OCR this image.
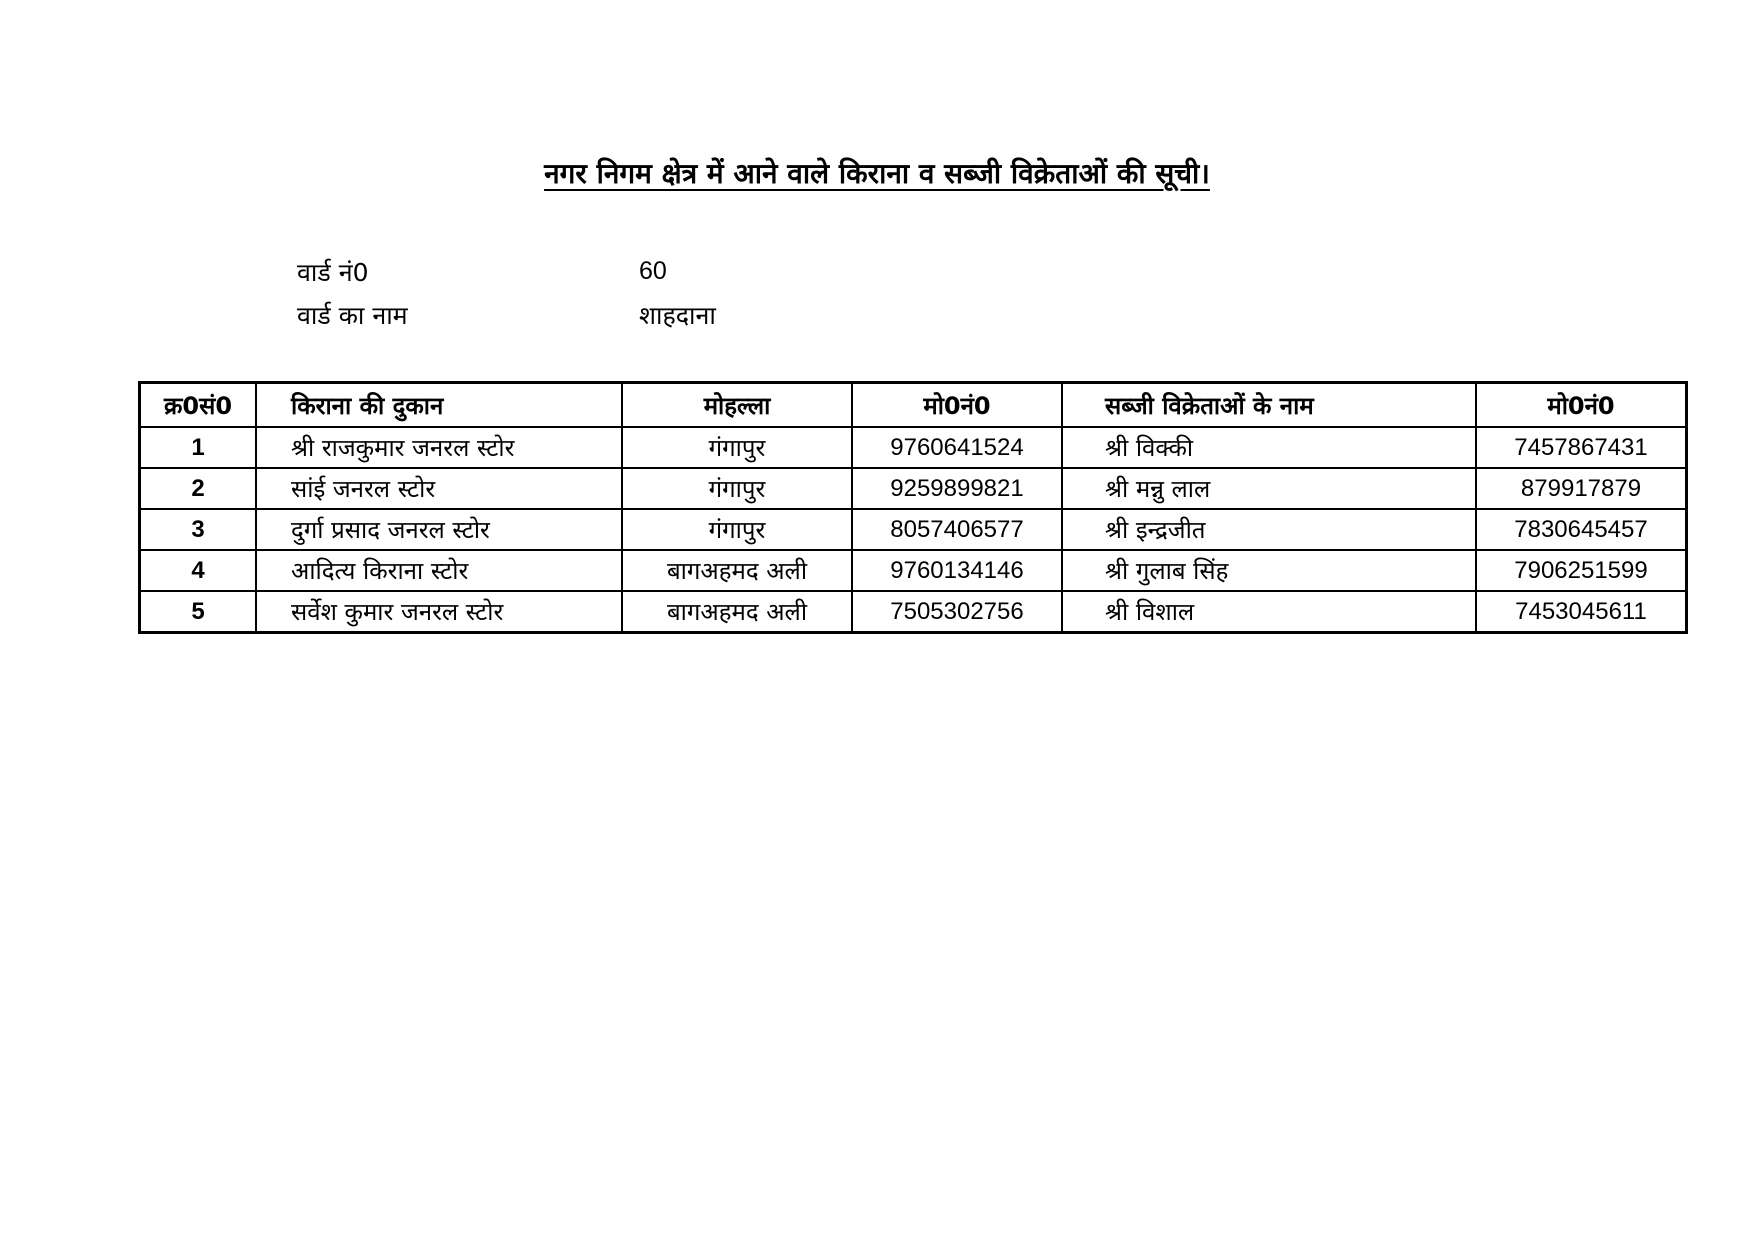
नगर निगम क्षेत्र में आने वाले किराना व सब्जी विक्रेताओं की सूची।
वार्ड नं0	60
वार्ड का नाम	शाहदाना
क्र0सं0	किराना की दुकान	मोहल्ला	मो0नं0	सब्जी विक्रेताओं के नाम	मो0नं0
1	श्री राजकुमार जनरल स्टोर	गंगापुर	9760641524	श्री विक्की	7457867431
2	सांई जनरल स्टोर	गंगापुर	9259899821	श्री मन्नु लाल	879917879
3	दुर्गा प्रसाद जनरल स्टोर	गंगापुर	8057406577	श्री इन्द्रजीत	7830645457
4	आदित्य किराना स्टोर	बागअहमद अली	9760134146	श्री गुलाब सिंह	7906251599
5	सर्वेश कुमार जनरल स्टोर	बागअहमद अली	7505302756	श्री विशाल	7453045611
